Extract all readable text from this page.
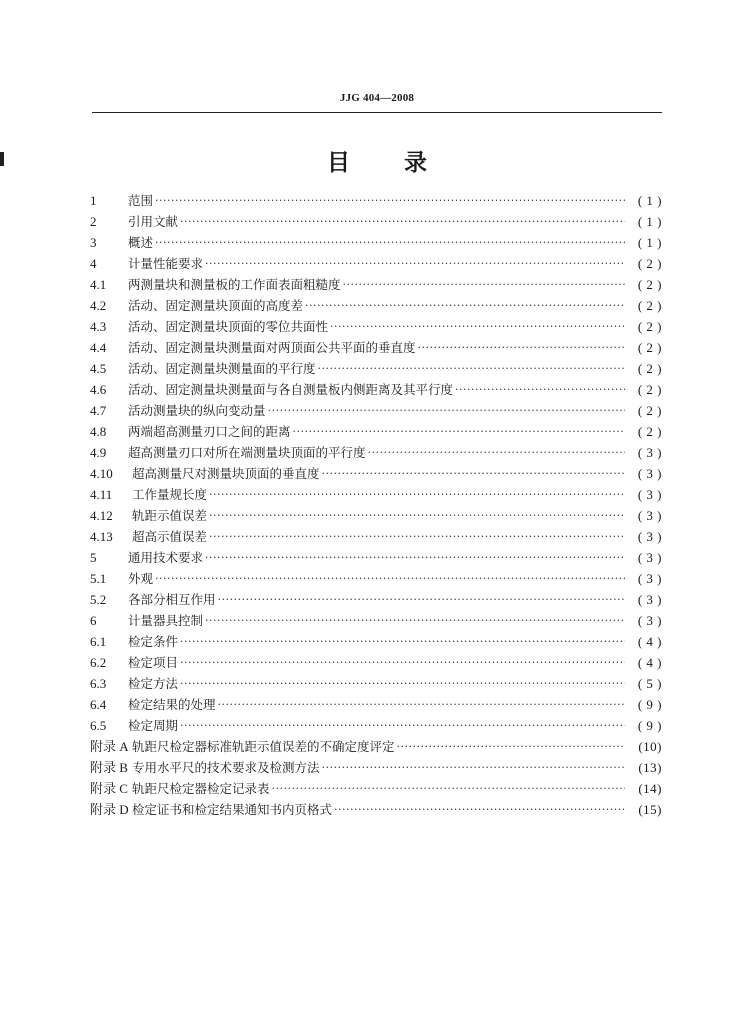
JJG 404—2008
目 录
1	范围 ·····	( 1 )
2	引用文献 ·····	( 1 )
3	概述 ·····	( 1 )
4	计量性能要求 ·····	( 2 )
4.1	两测量块和测量板的工作面表面粗糙度 ·····	( 2 )
4.2	活动、固定测量块顶面的高度差 ·····	( 2 )
4.3	活动、固定测量块顶面的零位共面性 ·····	( 2 )
4.4	活动、固定测量块测量面对两顶面公共平面的垂直度 ·····	( 2 )
4.5	活动、固定测量块测量面的平行度 ·····	( 2 )
4.6	活动、固定测量块测量面与各自测量板内侧距离及其平行度 ·····	( 2 )
4.7	活动测量块的纵向变动量 ·····	( 2 )
4.8	两端超高测量刃口之间的距离 ·····	( 2 )
4.9	超高测量刃口对所在端测量块顶面的平行度 ·····	( 3 )
4.10	超高测量尺对测量块顶面的垂直度 ·····	( 3 )
4.11	工作量规长度 ·····	( 3 )
4.12	轨距示值误差 ·····	( 3 )
4.13	超高示值误差 ·····	( 3 )
5	通用技术要求 ·····	( 3 )
5.1	外观 ·····	( 3 )
5.2	各部分相互作用 ·····	( 3 )
6	计量器具控制 ·····	( 3 )
6.1	检定条件 ·····	( 4 )
6.2	检定项目 ·····	( 4 )
6.3	检定方法 ·····	( 5 )
6.4	检定结果的处理 ·····	( 9 )
6.5	检定周期 ·····	( 9 )
附录 A 轨距尺检定器标准轨距示值误差的不确定度评定 ·····	(10)
附录 B 专用水平尺的技术要求及检测方法 ·····	(13)
附录 C 轨距尺检定器检定记录表 ·····	(14)
附录 D 检定证书和检定结果通知书内页格式 ·····	(15)
